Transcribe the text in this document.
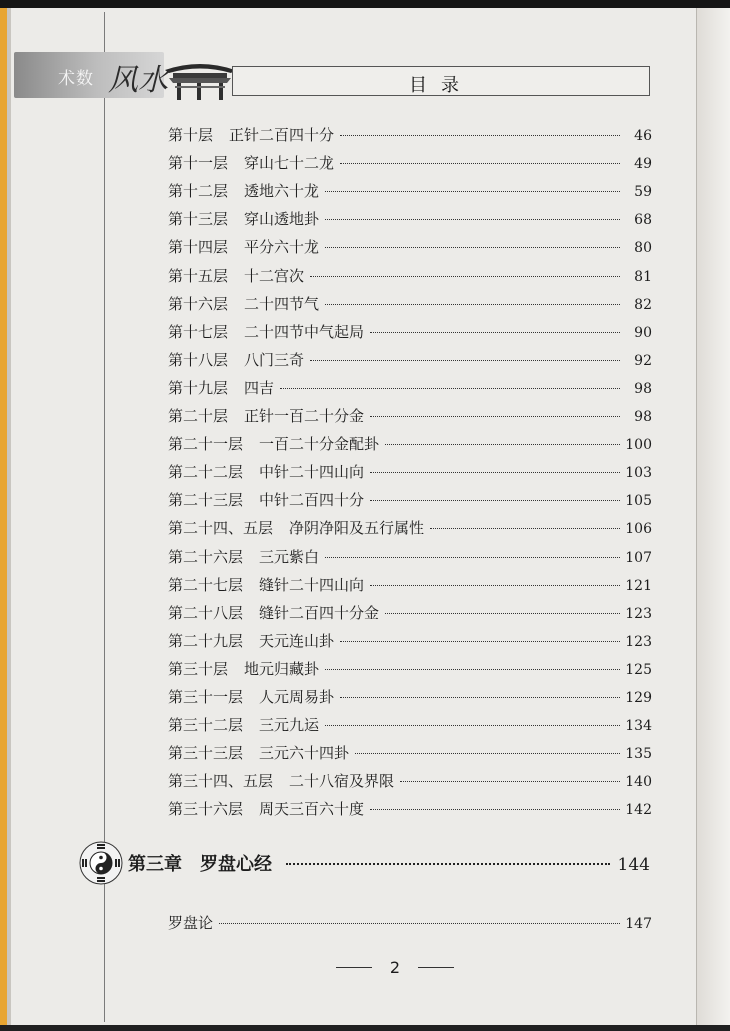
术数 风水	目录
第十层 正针二百四十分	46
第十一层 穿山七十二龙	49
第十二层 透地六十龙	59
第十三层 穿山透地卦	68
第十四层 平分六十龙	80
第十五层 十二宫次	81
第十六层 二十四节气	82
第十七层 二十四节中气起局	90
第十八层 八门三奇	92
第十九层 四吉	98
第二十层 正针一百二十分金	98
第二十一层 一百二十分金配卦	100
第二十二层 中针二十四山向	103
第二十三层 中针二百四十分	105
第二十四、五层 净阴净阳及五行属性	106
第二十六层 三元紫白	107
第二十七层 缝针二十四山向	121
第二十八层 缝针二百四十分金	123
第二十九层 天元连山卦	123
第三十层 地元归藏卦	125
第三十一层 人元周易卦	129
第三十二层 三元九运	134
第三十三层 三元六十四卦	135
第三十四、五层 二十八宿及界限	140
第三十六层 周天三百六十度	142
第三章 罗盘心经	144
罗盘论	147
2
